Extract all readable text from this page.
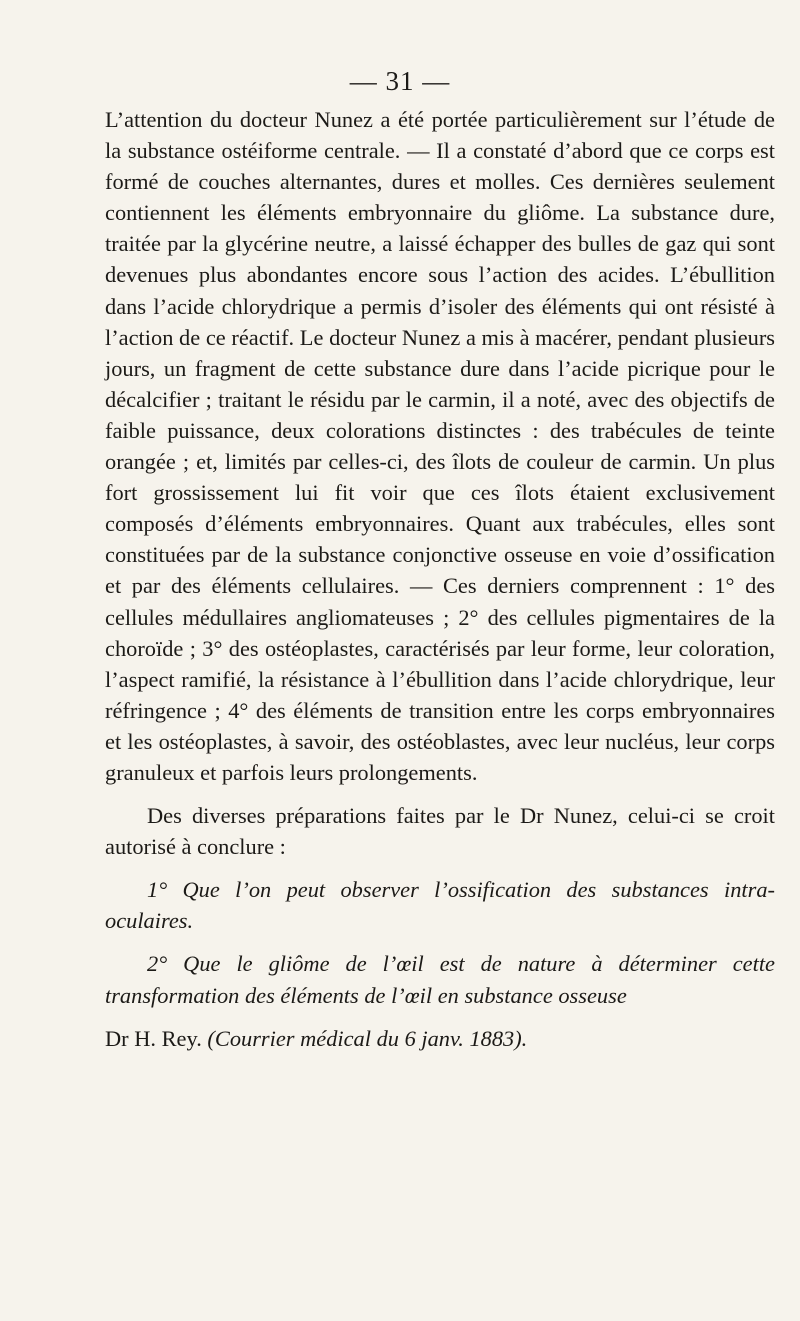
— 31 —

L’attention du docteur Nunez a été portée particulièrement sur l’étude de la substance ostéiforme centrale. — Il a constaté d’abord que ce corps est formé de couches alternantes, dures et molles. Ces dernières seulement contiennent les éléments embryonnaire du gliôme. La substance dure, traitée par la glycérine neutre, a laissé échapper des bulles de gaz qui sont devenues plus abondantes encore sous l’action des acides. L’ébullition dans l’acide chlorydrique a permis d’isoler des éléments qui ont résisté à l’action de ce réactif. Le docteur Nunez a mis à macérer, pendant plusieurs jours, un fragment de cette substance dure dans l’acide picrique pour le décalcifier ; traitant le résidu par le carmin, il a noté, avec des objectifs de faible puissance, deux colorations distinctes : des trabécules de teinte orangée ; et, limités par celles-ci, des îlots de couleur de carmin. Un plus fort grossissement lui fit voir que ces îlots étaient exclusivement composés d’éléments embryonnaires. Quant aux trabécules, elles sont constituées par de la substance conjonctive osseuse en voie d’ossification et par des éléments cellulaires. — Ces derniers comprennent : 1° des cellules médullaires angliomateuses ; 2° des cellules pigmentaires de la choroïde ; 3° des ostéoplastes, caractérisés par leur forme, leur coloration, l’aspect ramifié, la résistance à l’ébullition dans l’acide chlorydrique, leur réfringence ; 4° des éléments de transition entre les corps embryonnaires et les ostéoplastes, à savoir, des ostéoblastes, avec leur nucléus, leur corps granuleux et parfois leurs prolongements.

Des diverses préparations faites par le Dr Nunez, celui-ci se croit autorisé à conclure :

1° Que l’on peut observer l’ossification des substances intra-oculaires.

2° Que le gliôme de l’œil est de nature à déterminer cette transformation des éléments de l’œil en substance osseuse

Dr H. Rey. (Courrier médical du 6 janv. 1883).
